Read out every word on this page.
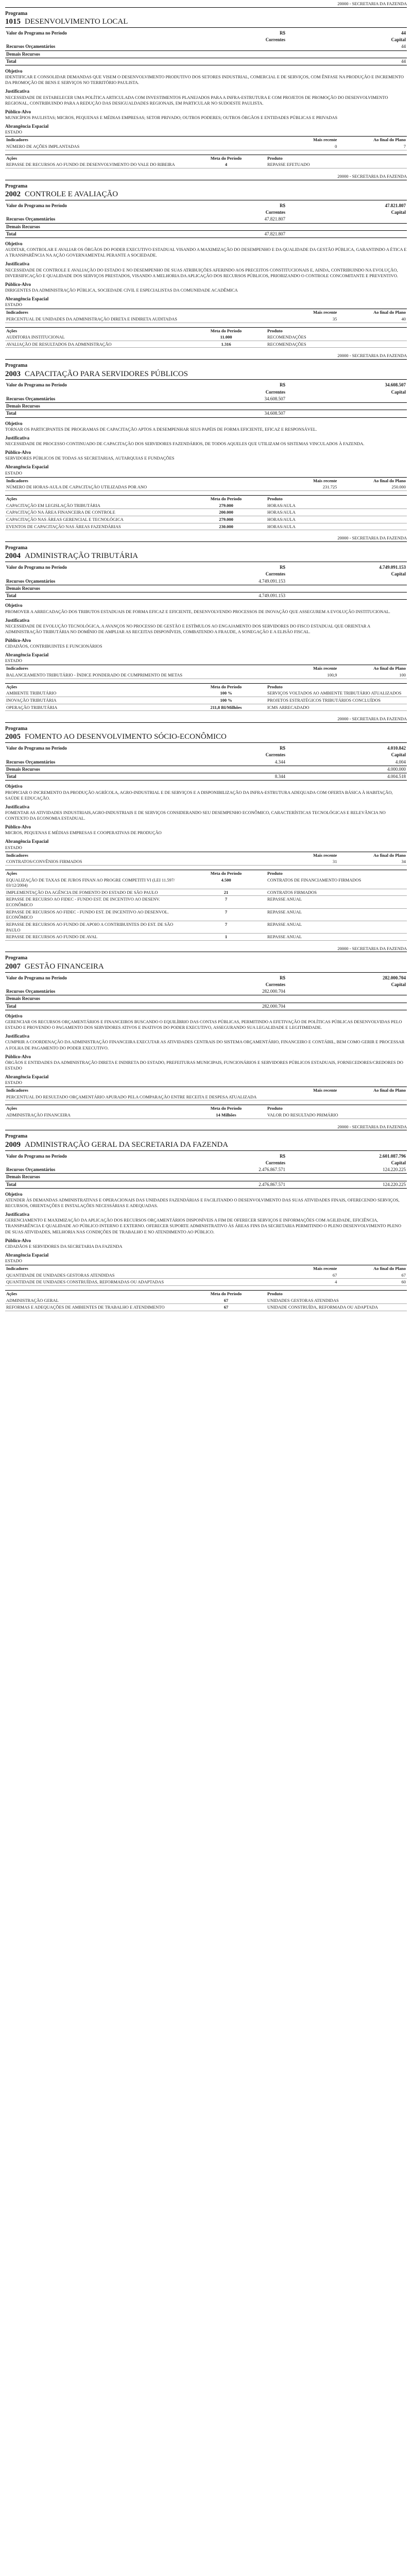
20000 - SECRETARIA DA FAZENDA
Programa
1015 DESENVOLVIMENTO LOCAL
Valor do Programa no Período	R$	44
	Correntes	Capital
Recursos Orçamentários		44
Demais Recursos		
Total		44
Objetivo
IDENTIFICAR E CONSOLIDAR DEMANDAS QUE VISEM O DESENVOLVIMENTO PRODUTIVO DOS SETORES INDUSTRIAL, COMERCIAL E DE SERVIÇOS, COM ÊNFASE NA PRODUÇÃO E INCREMENTO DA PROMOÇÃO DE BENS E SERVIÇOS NO TERRITÓRIO PAULISTA.
Justificativa
NECESSIDADE DE ESTABELECER UMA POLÍTICA ARTICULADA COM INVESTIMENTOS PLANEJADOS PARA A INFRA-ESTRUTURA E COM PROJETOS DE PROMOÇÃO DO DESENVOLVIMENTO REGIONAL, CONTRIBUINDO PARA A REDUÇÃO DAS DESIGUALDADES REGIONAIS, EM PARTICULAR NO SUDOESTE PAULISTA.
Público-Alvo
MUNICÍPIOS PAULISTAS; MICROS, PEQUENAS E MÉDIAS EMPRESAS; SETOR PRIVADO; OUTROS PODERES; OUTROS ÓRGÃOS E ENTIDADES PÚBLICAS E PRIVADAS
Abrangência Espacial
ESTADO
Indicadores	Mais recente	Ao final do Plano
NÚMERO DE AÇÕES IMPLANTADAS	0	7
Ações	Meta do Período	Produto
REPASSE DE RECURSOS AO FUNDO DE DESENVOLVIMENTO DO VALE DO RIBEIRA	4	REPASSE EFETUADO
20000 - SECRETARIA DA FAZENDA
Programa
2002 CONTROLE E AVALIAÇÃO
Valor do Programa no Período	R$	47.821.807
	Correntes	Capital
Recursos Orçamentários	47.821.807	
Demais Recursos		
Total	47.821.807	
Objetivo
AUDITAR, CONTROLAR E AVALIAR OS ÓRGÃOS DO PODER EXECUTIVO ESTADUAL VISANDO A MAXIMIZAÇÃO DO DESEMPENHO E DA QUALIDADE DA GESTÃO PÚBLICA, GARANTINDO A ÉTICA E A TRANSPARÊNCIA NA AÇÃO GOVERNAMENTAL PERANTE A SOCIEDADE.
Justificativa
NECESSIDADE DE CONTROLE E AVALIAÇÃO DO ESTADO E NO DESEMPENHO DE SUAS ATRIBUIÇÕES AFERINDO AOS PRECEITOS CONSTITUCIONAIS E, AINDA, CONTRIBUINDO NA EVOLUÇÃO, DIVERSIFICAÇÃO E QUALIDADE DOS SERVIÇOS PRESTADOS, VISANDO A MELHORIA DA APLICAÇÃO DOS RECURSOS PÚBLICOS, PRIORIZANDO O CONTROLE CONCOMITANTE E PREVENTIVO.
Público-Alvo
DIRIGENTES DA ADMINISTRAÇÃO PÚBLICA, SOCIEDADE CIVIL E ESPECIALISTAS DA COMUNIDADE ACADÊMICA
Abrangência Espacial
ESTADO
Indicadores	Mais recente	Ao final do Plano
PERCENTUAL DE UNIDADES DA ADMINISTRAÇÃO DIRETA E INDIRETA AUDITADAS	35	40
Ações	Meta do Período	Produto
AUDITORIA INSTITUCIONAL	11.000	RECOMENDAÇÕES
AVALIAÇÃO DE RESULTADOS DA ADMINISTRAÇÃO	1.316	RECOMENDAÇÕES
20000 - SECRETARIA DA FAZENDA
Programa
2003 CAPACITAÇÃO PARA SERVIDORES PÚBLICOS
Valor do Programa no Período	R$	34.608.507
	Correntes	Capital
Recursos Orçamentários	34.608.507	
Demais Recursos		
Total	34.608.507	
Objetivo
TORNAR OS PARTICIPANTES DE PROGRAMAS DE CAPACITAÇÃO APTOS A DESEMPENHAR SEUS PAPÉIS DE FORMA EFICIENTE, EFICAZ E RESPONSÁVEL.
Justificativa
NECESSIDADE DE PROCESSO CONTINUADO DE CAPACITAÇÃO DOS SERVIDORES FAZENDÁRIOS, DE TODOS AQUELES QUE UTILIZAM OS SISTEMAS VINCULADOS À FAZENDA.
Público-Alvo
SERVIDORES PÚBLICOS DE TODAS AS SECRETARIAS, AUTARQUIAS E FUNDAÇÕES
Abrangência Espacial
ESTADO
Indicadores	Mais recente	Ao final do Plano
NÚMERO DE HORAS-AULA DE CAPACITAÇÃO UTILIZADAS POR ANO	231.725	250.000
Ações	Meta do Período	Produto
CAPACITAÇÃO EM LEGISLAÇÃO TRIBUTÁRIA	279.000	HORAS/AULA
CAPACITAÇÃO NA ÁREA FINANCEIRA DE CONTROLE	200.000	HORAS/AULA
CAPACITAÇÃO NAS ÁREAS GERENCIAL E TECNOLÓGICA	279.000	HORAS/AULA
EVENTOS DE CAPACITAÇÃO NAS ÁREAS FAZENDÁRIAS	230.000	HORAS/AULA
20000 - SECRETARIA DA FAZENDA
Programa
2004 ADMINISTRAÇÃO TRIBUTÁRIA
Valor do Programa no Período	R$	4.749.091.153
	Correntes	Capital
Recursos Orçamentários	4.749.091.153	
Demais Recursos		
Total	4.749.091.153	
Objetivo
PROMOVER A ARRECADAÇÃO DOS TRIBUTOS ESTADUAIS DE FORMA EFICAZ E EFICIENTE, DESENVOLVENDO PROCESSOS DE INOVAÇÃO QUE ASSEGUREM A EVOLUÇÃO INSTITUCIONAL.
Justificativa
NECESSIDADE DE EVOLUÇÃO TECNOLÓGICA, A AVANÇOS NO PROCESSO DE GESTÃO E ESTÍMULOS AO ENGAJAMENTO DOS SERVIDORES DO FISCO ESTADUAL QUE ORIENTAR A ADMINISTRAÇÃO TRIBUTÁRIA NO DOMÍNIO DE AMPLIAR AS RECEITAS DISPONÍVEIS, COMBATENDO A FRAUDE, A SONEGAÇÃO E A ELISÃO FISCAL.
Público-Alvo
CIDADÃOS, CONTRIBUINTES E FUNCIONÁRIOS
Abrangência Espacial
ESTADO
Indicadores	Mais recente	Ao final do Plano
BALANCEAMENTO TRIBUTÁRIO - ÍNDICE PONDERADO DE CUMPRIMENTO DE METAS	100,9	100
Ações	Meta do Período	Produto
AMBIENTE TRIBUTÁRIO	100 %	SERVIÇOS VOLTADOS AO AMBIENTE TRIBUTÁRIO ATUALIZADOS
INOVAÇÃO TRIBUTÁRIA	100 %	PROJETOS ESTRATÉGICOS TRIBUTÁRIOS CONCLUÍDOS
OPERAÇÃO TRIBUTÁRIA	211,8 BI/Milhões	ICMS ARRECADADO
20000 - SECRETARIA DA FAZENDA
Programa
2005 FOMENTO AO DESENVOLVIMENTO SÓCIO-ECONÔMICO
Valor do Programa no Período	R$	4.010.842
	Correntes	Capital
Recursos Orçamentários	4.344	4.004
Demais Recursos		4.000.000
Total	8.344	4.004.518
Objetivo
PROPICIAR O INCREMENTO DA PRODUÇÃO AGRÍCOLA, AGRO-INDUSTRIAL E DE SERVIÇOS E A DISPONIBILIZAÇÃO DA INFRA-ESTRUTURA ADEQUADA COM OFERTA BÁSICA À HABITAÇÃO, SAÚDE E EDUCAÇÃO.
Justificativa
FOMENTAR AS ATIVIDADES INDUSTRIAIS,AGRO-INDUSTRIAIS E DE SERVIÇOS CONSIDERANDO SEU DESEMPENHO ECONÔMICO, CARACTERÍSTICAS TECNOLÓGICAS E RELEVÂNCIA NO CONTEXTO DA ECONOMIA ESTADUAL.
Público-Alvo
MICROS, PEQUENAS E MÉDIAS EMPRESAS E COOPERATIVAS DE PRODUÇÃO
Abrangência Espacial
ESTADO
Indicadores	Mais recente	Ao final do Plano
CONTRATOS/CONVÊNIOS FIRMADOS	31	34
Ações	Meta do Período	Produto
EQUALIZAÇÃO DE TAXAS DE JUROS FINAN AO PROGRE COMPETITI VI (LEI 11.597/ 03/12/2004)	4.500	CONTRATOS DE FINANCIAMENTO FIRMADOS
IMPLEMENTAÇÃO DA AGÊNCIA DE FOMENTO DO ESTADO DE SÃO PAULO	21	CONTRATOS FIRMADOS
REPASSE DE RECURSO AO FIDEC - FUNDO EST. DE INCENTIVO AO DESENV. ECONÔMICO	7	REPASSE ANUAL
REPASSE DE RECURSOS AO FIDEC - FUNDO EST. DE INCENTIVO AO DESENVOL. ECONÔMICO	7	REPASSE ANUAL
REPASSE DE RECURSOS AO FUNDO DE APOIO A CONTRIBUINTES DO EST. DE SÃO PAULO	7	REPASSE ANUAL
REPASSE DE RECURSOS AO FUNDO DE AVAL	1	REPASSE ANUAL
20000 - SECRETARIA DA FAZENDA
Programa
2007 GESTÃO FINANCEIRA
Valor do Programa no Período	R$	282.000.704
	Correntes	Capital
Recursos Orçamentários	282.000.704	
Demais Recursos		
Total	282.000.704	
Objetivo
GERENCIAR OS RECURSOS ORÇAMENTÁRIOS E FINANCEIROS BUSCANDO O EQUILÍBRIO DAS CONTAS PÚBLICAS, PERMITINDO A EFETIVAÇÃO DE POLÍTICAS PÚBLICAS DESENVOLVIDAS PELO ESTADO E PROVENDO O PAGAMENTO DOS SERVIDORES ATIVOS E INATIVOS DO PODER EXECUTIVO, ASSEGURANDO SUA LEGALIDADE E LEGITIMIDADE.
Justificativa
CUMPRIR A COORDENAÇÃO DA ADMINISTRAÇÃO FINANCEIRA EXECUTAR AS ATIVIDADES CENTRAIS DO SISTEMA ORÇAMENTÁRIO, FINANCEIRO E CONTÁBIL, BEM COMO GERIR E PROCESSAR A FOLHA DE PAGAMENTO DO PODER EXECUTIVO.
Público-Alvo
ÓRGÃOS E ENTIDADES DA ADMINISTRAÇÃO DIRETA E INDIRETA DO ESTADO, PREFEITURAS MUNICIPAIS, FUNCIONÁRIOS E SERVIDORES PÚBLICOS ESTADUAIS, FORNECEDORES/CREDORES DO ESTADO
Abrangência Espacial
ESTADO
Indicadores	Mais recente	Ao final do Plano
PERCENTUAL DO RESULTADO ORÇAMENTÁRIO APURADO PELA COMPARAÇÃO ENTRE RECEITA E DESPESA ATUALIZADA		
Ações	Meta do Período	Produto
ADMINISTRAÇÃO FINANCEIRA	14 Milhões	VALOR DO RESULTADO PRIMÁRIO
20000 - SECRETARIA DA FAZENDA
Programa
2009 ADMINISTRAÇÃO GERAL DA SECRETARIA DA FAZENDA
Valor do Programa no Período	R$	2.601.087.796
	Correntes	Capital
Recursos Orçamentários	2.476.867.571	124.220.225
Demais Recursos		
Total	2.476.867.571	124.220.225
Objetivo
ATENDER ÀS DEMANDAS ADMINISTRATIVAS E OPERACIONAIS DAS UNIDADES FAZENDÁRIAS E FACILITANDO O DESENVOLVIMENTO DAS SUAS ATIVIDADES FINAIS, OFERECENDO SERVIÇOS, RECURSOS, ORIENTAÇÕES E INSTALAÇÕES NECESSÁRIAS E ADEQUADAS.
Justificativa
GERENCIAMENTO E MAXIMIZAÇÃO DA APLICAÇÃO DOS RECURSOS ORÇAMENTÁRIOS DISPONÍVEIS A FIM DE OFERECER SERVIÇOS E INFORMAÇÕES COM AGILIDADE, EFICIÊNCIA, TRANSPARÊNCIA E QUALIDADE AO PÚBLICO INTERNO E EXTERNO. OFERECER SUPORTE ADMINISTRATIVO ÀS ÁREAS FINS DA SECRETARIA PERMITINDO O PLENO DESENVOLVIMENTO PLENO DE SUAS ATIVIDADES, MELHORIA NAS CONDIÇÕES DE TRABALHO E NO ATENDIMENTO AO PÚBLICO.
Público-Alvo
CIDADÃOS E SERVIDORES DA SECRETARIA DA FAZENDA
Abrangência Espacial
ESTADO
Indicadores	Mais recente	Ao final do Plano
QUANTIDADE DE UNIDADES GESTORAS ATENDIDAS	67	67
QUANTIDADE DE UNIDADES CONSTRUÍDAS, REFORMADAS OU ADAPTADAS	4	60
Ações	Meta do Período	Produto
ADMINISTRAÇÃO GERAL	67	UNIDADES GESTORAS ATENDIDAS
REFORMAS E ADEQUAÇÕES DE AMBIENTES DE TRABALHO E ATENDIMENTO	67	UNIDADE CONSTRUÍDA, REFORMADA OU ADAPTADA
